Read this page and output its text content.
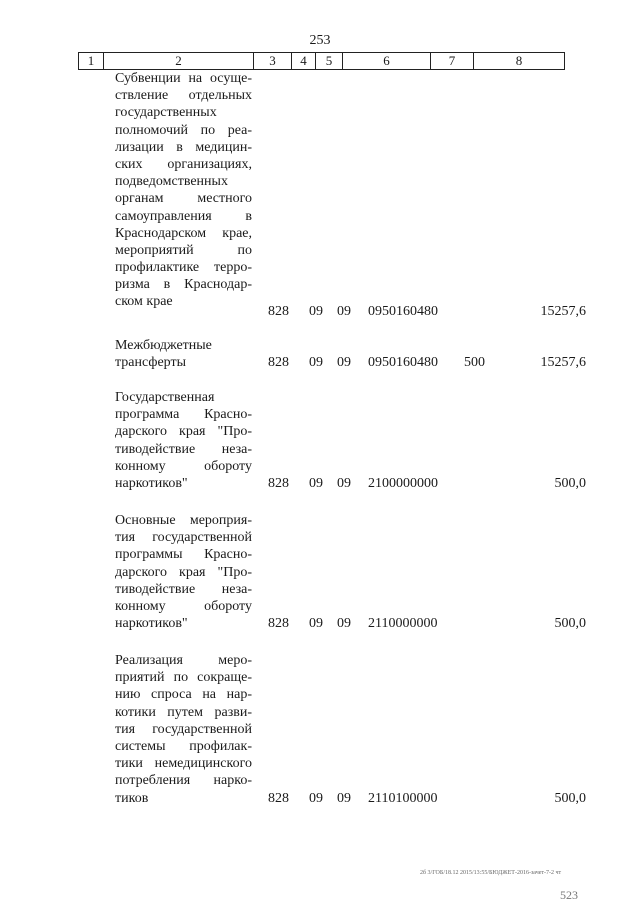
253
1	2	3	4	5	6	7	8
Субвенции на осуще-
ствление отдельных
государственных
полномочий по реа-
лизации в медицин-
ских организациях,
подведомственных
органам местного
самоуправления в
Краснодарском крае,
мероприятий по
профилактике терро-
ризма в Краснодар-
ском крае
828 09 09 0950160480	15257,6
Межбюджетные
трансферты	828 09 09 0950160480 500	15257,6
Государственная
программа Красно-
дарского края "Про-
тиводействие неза-
конному обороту
наркотиков"	828 09 09 2100000000	500,0
Основные мероприя-
тия государственной
программы Красно-
дарского края "Про-
тиводействие неза-
конному обороту
наркотиков"	828 09 09 2110000000	500,0
Реализация меро-
приятий по сокраще-
нию спроса на нар-
котики путем разви-
тия государственной
системы профилак-
тики немедицинского
потребления нарко-
тиков	828 09 09 2110100000	500,0
2б 3/ГОБ/18.12 2015/13:55/БЮДЖЕТ-2016-зачет-7-2 чт
523
